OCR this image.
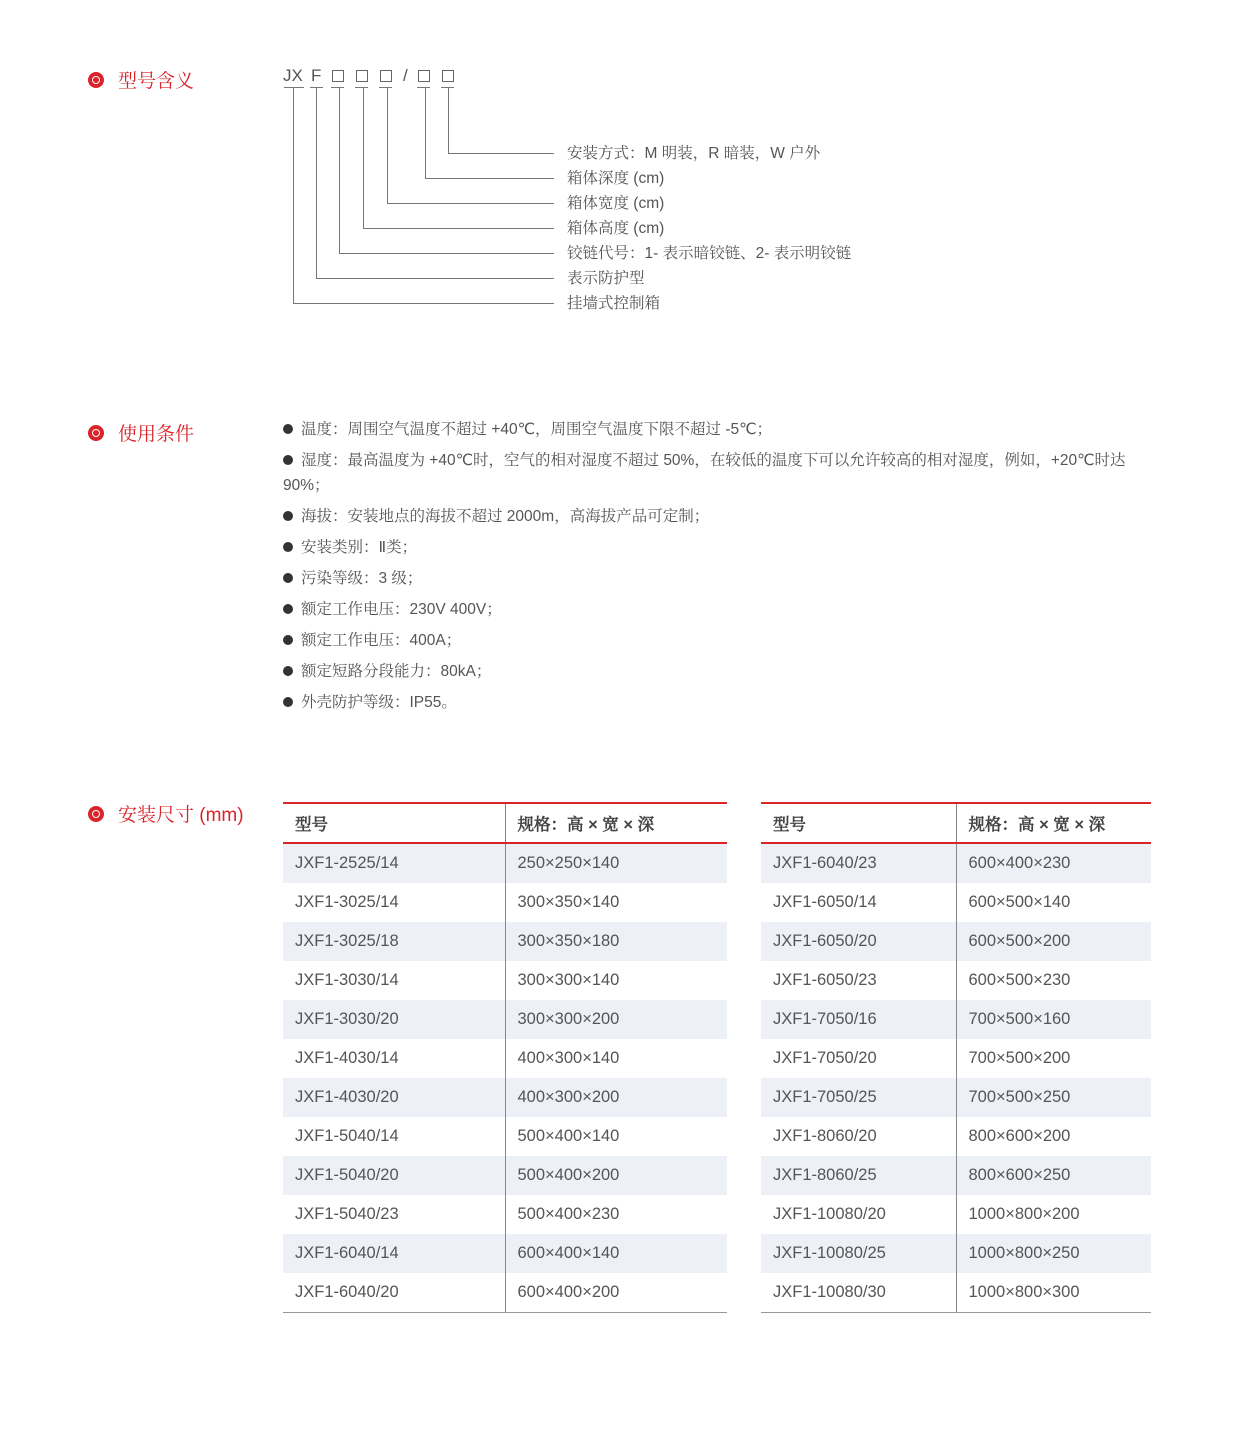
型号含义	JX F	/
安装方式：M 明装，R 暗装，W 户外
箱体深度 (cm)
箱体宽度 (cm)
箱体高度 (cm)
铰链代号：1- 表示暗铰链、2- 表示明铰链
表示防护型
挂墙式控制箱
使用条件	温度：周围空气温度不超过 +40℃，周围空气温度下限不超过 -5℃；

湿度：最高温度为 +40℃时，空气的相对湿度不超过 50%，在较低的温度下可以允许较高的相对湿度，例如，+20℃时达90%；

海拔：安装地点的海拔不超过 2000m，高海拔产品可定制；

安装类别：Ⅱ类；

污染等级：3 级；

额定工作电压：230V 400V；

额定工作电压：400A；

额定短路分段能力：80kA；

外壳防护等级：IP55。

安装尺寸 (mm)	型号	规格：高 × 宽 × 深
JXF1-2525/14	250×250×140
JXF1-3025/14	300×350×140
JXF1-3025/18	300×350×180
JXF1-3030/14	300×300×140
JXF1-3030/20	300×300×200
JXF1-4030/14	400×300×140
JXF1-4030/20	400×300×200
JXF1-5040/14	500×400×140
JXF1-5040/20	500×400×200
JXF1-5040/23	500×400×230
JXF1-6040/14	600×400×140
JXF1-6040/20	600×400×200
型号	规格：高 × 宽 × 深
JXF1-6040/23	600×400×230
JXF1-6050/14	600×500×140
JXF1-6050/20	600×500×200
JXF1-6050/23	600×500×230
JXF1-7050/16	700×500×160
JXF1-7050/20	700×500×200
JXF1-7050/25	700×500×250
JXF1-8060/20	800×600×200
JXF1-8060/25	800×600×250
JXF1-10080/20	1000×800×200
JXF1-10080/25	1000×800×250
JXF1-10080/30	1000×800×300
